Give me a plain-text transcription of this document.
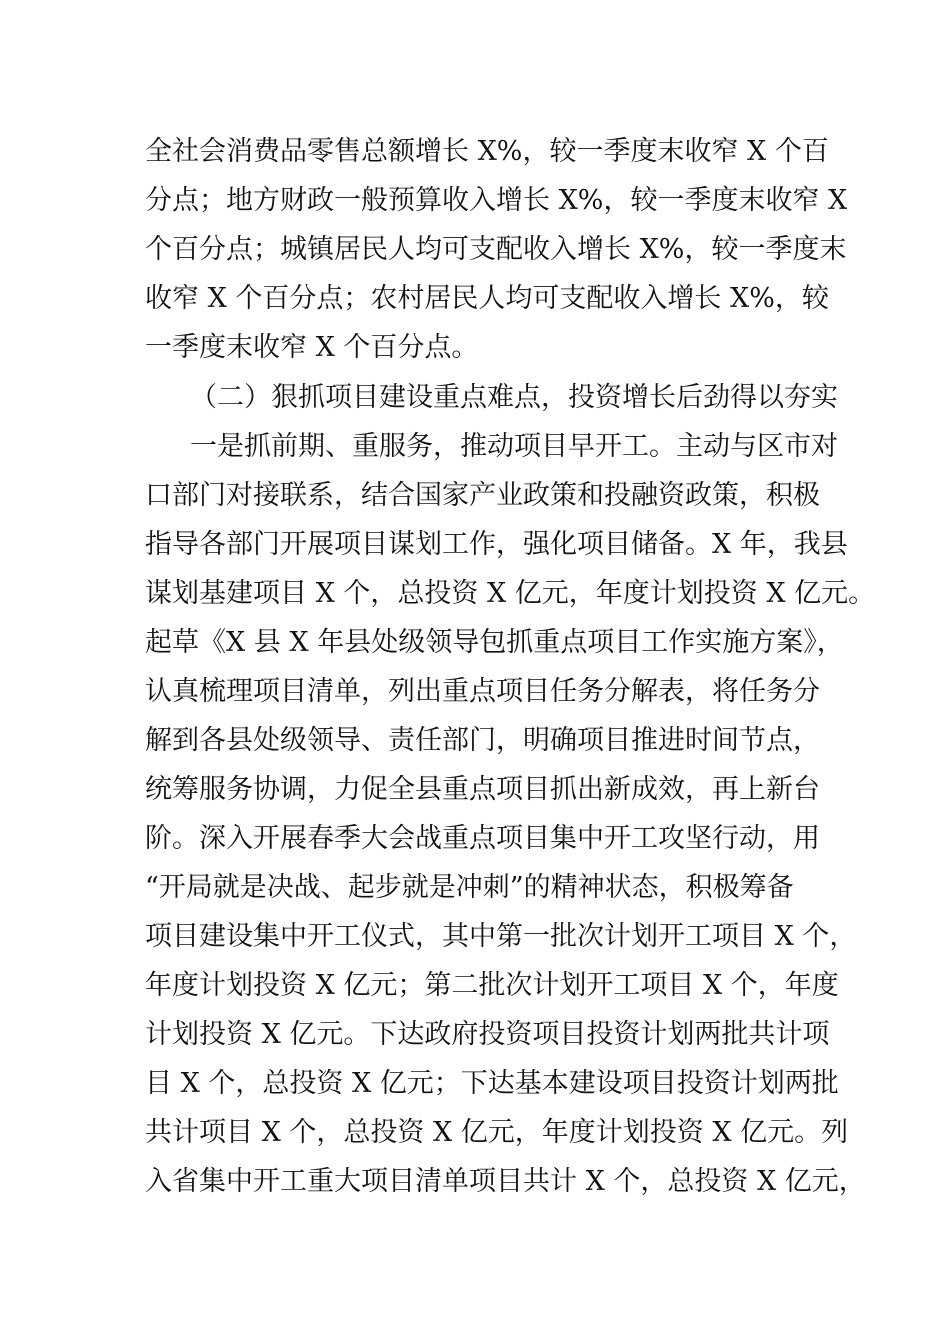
全社会消费品零售总额增长 X%，较一季度末收窄 X 个百
分点；地方财政一般预算收入增长 X%，较一季度末收窄 X
个百分点；城镇居民人均可支配收入增长 X%，较一季度末
收窄 X 个百分点；农村居民人均可支配收入增长 X%，较
一季度末收窄 X 个百分点。
（二）狠抓项目建设重点难点，投资增长后劲得以夯实
一是抓前期、重服务，推动项目早开工。主动与区市对
口部门对接联系，结合国家产业政策和投融资政策，积极
指导各部门开展项目谋划工作，强化项目储备。X 年，我县
谋划基建项目 X 个，总投资 X 亿元，年度计划投资 X 亿元。
起草《X 县 X 年县处级领导包抓重点项目工作实施方案》，
认真梳理项目清单，列出重点项目任务分解表，将任务分
解到各县处级领导、责任部门，明确项目推进时间节点，
统筹服务协调，力促全县重点项目抓出新成效，再上新台
阶。深入开展春季大会战重点项目集中开工攻坚行动，用
“开局就是决战、起步就是冲刺”的精神状态，积极筹备
项目建设集中开工仪式，其中第一批次计划开工项目 X 个，
年度计划投资 X 亿元；第二批次计划开工项目 X 个，年度
计划投资 X 亿元。下达政府投资项目投资计划两批共计项
目 X 个，总投资 X 亿元；下达基本建设项目投资计划两批
共计项目 X 个，总投资 X 亿元，年度计划投资 X 亿元。列
入省集中开工重大项目清单项目共计 X 个，总投资 X 亿元，
